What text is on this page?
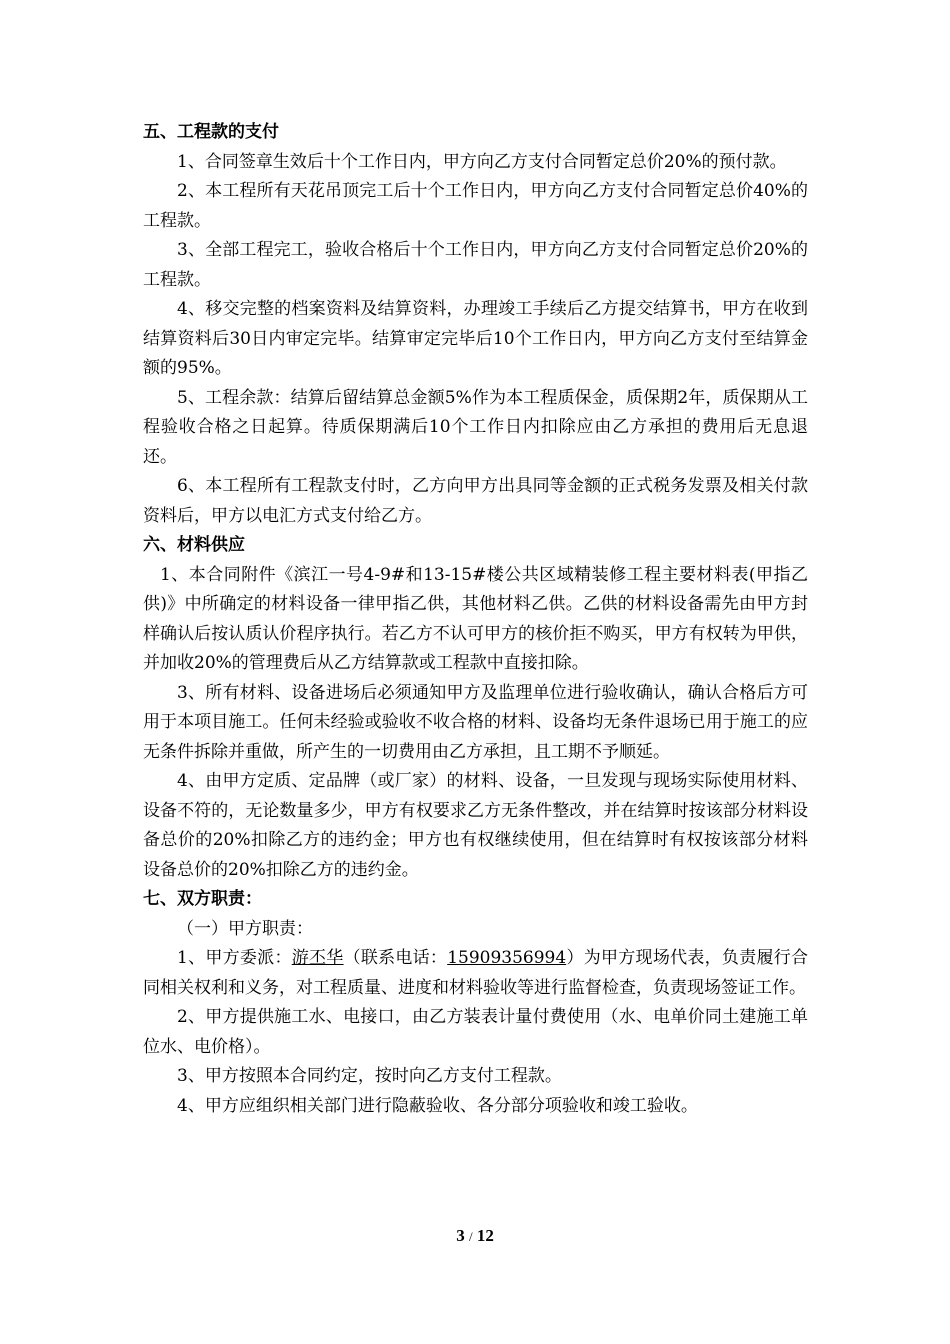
五、工程款的支付

1、合同签章生效后十个工作日内，甲方向乙方支付合同暂定总价20%的预付款。

2、本工程所有天花吊顶完工后十个工作日内，甲方向乙方支付合同暂定总价40%的工程款。

3、全部工程完工，验收合格后十个工作日内，甲方向乙方支付合同暂定总价20%的工程款。

4、移交完整的档案资料及结算资料，办理竣工手续后乙方提交结算书，甲方在收到结算资料后30日内审定完毕。结算审定完毕后10个工作日内，甲方向乙方支付至结算金额的95%。

5、工程余款：结算后留结算总金额5%作为本工程质保金，质保期2年，质保期从工程验收合格之日起算。待质保期满后10个工作日内扣除应由乙方承担的费用后无息退还。

6、本工程所有工程款支付时，乙方向甲方出具同等金额的正式税务发票及相关付款资料后，甲方以电汇方式支付给乙方。

六、材料供应

1、本合同附件《滨江一号4-9#和13-15#楼公共区域精装修工程主要材料表(甲指乙供)》中所确定的材料设备一律甲指乙供，其他材料乙供。乙供的材料设备需先由甲方封样确认后按认质认价程序执行。若乙方不认可甲方的核价拒不购买，甲方有权转为甲供，并加收20%的管理费后从乙方结算款或工程款中直接扣除。

3、所有材料、设备进场后必须通知甲方及监理单位进行验收确认，确认合格后方可用于本项目施工。任何未经验或验收不收合格的材料、设备均无条件退场已用于施工的应无条件拆除并重做，所产生的一切费用由乙方承担，且工期不予顺延。

4、由甲方定质、定品牌（或厂家）的材料、设备，一旦发现与现场实际使用材料、设备不符的，无论数量多少，甲方有权要求乙方无条件整改，并在结算时按该部分材料设备总价的20%扣除乙方的违约金；甲方也有权继续使用，但在结算时有权按该部分材料设备总价的20%扣除乙方的违约金。

七、双方职责：

（一）甲方职责：

1、甲方委派：游丕华（联系电话：15909356994）为甲方现场代表，负责履行合同相关权利和义务，对工程质量、进度和材料验收等进行监督检查，负责现场签证工作。

2、甲方提供施工水、电接口，由乙方装表计量付费使用（水、电单价同土建施工单位水、电价格）。

3、甲方按照本合同约定，按时向乙方支付工程款。

4、甲方应组织相关部门进行隐蔽验收、各分部分项验收和竣工验收。

3 / 12
